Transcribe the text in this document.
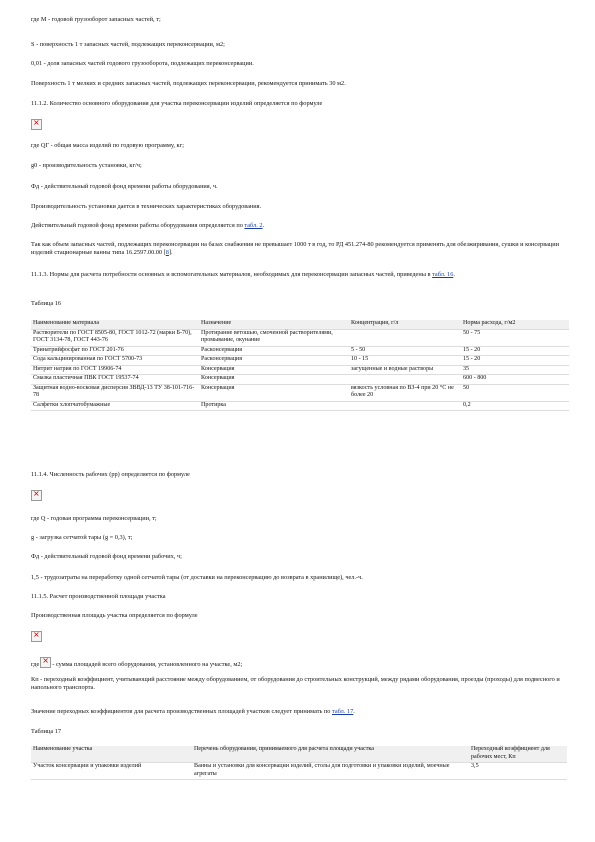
где M - годовой грузооборот запасных частей, т;
S - поверхность 1 т запасных частей, подлежащих переконсервации, м2;
0,01 - доля запасных частей годового грузооборота, подлежащих переконсервации.
Поверхность 1 т мелких и средних запасных частей, подлежащих переконсервации, рекомендуется принимать 30 м2.
11.1.2. Количество основного оборудования для участка переконсервации изделий определяется по формуле
×
где QГ - общая масса изделий по годовую программу, кг;
g0 - производительность установки, кг/ч;
Фд - действительный годовой фонд времени работы оборудования, ч.
Производительность установки дается в технических характеристиках оборудования.
Действительный годовой фонд времени работы оборудования определяется по табл. 2.
Так как объем запасных частей, подлежащих переконсервации на базах снабжения не превышает 1000 т в год, то РД 451.274-80 рекомендуется применять для обезжиривания, сушки и консервации изделий стационарные ванны типа 16.2597.00.00 [8].
11.1.3. Нормы для расчета потребности основных и вспомогательных материалов, необходимых для переконсервации запасных частей, приведены в табл. 16.
Таблица 16
Наименование материала	Назначение	Концентрация, г/л	Норма расхода, г/м2
Растворители по ГОСТ 8505-80, ГОСТ 1012-72 (марки Б-70), ГОСТ 3134-78, ГОСТ 443-76	Протирание ветошью, смоченной растворителями, промывание, окунание		50 - 75
Тринатрийфосфат по ГОСТ 201-76	Расконсервация	5 - 50	15 - 20
Сода кальцинированная по ГОСТ 5700-73	Расконсервация	10 - 15	15 - 20
Нитрит натрия по ГОСТ 19906-74	Консервация	загущенные и водные растворы	35
Смазка пластичная ПВК ГОСТ 19537-74	Консервация		600 - 800
Защитная водно-восковая дисперсия ЗВВД-13 ТУ 38-101-716-78	Консервация	вязкость условная по ВЗ-4 при 20 °С не более 20	50
Салфетки хлопчатобумажные	Протирка		0,2
11.1.4. Численность рабочих (рр) определяется по формуле
×
где Q - годовая программа переконсервации, т;
g - загрузка сетчатой тары (g = 0,3), т;
Фд - действительный годовой фонд времени рабочих, ч;
1,5 - трудозатраты на переработку одной сетчатой тары (от доставки на переконсервацию до возврата в хранилище), чел.-ч.
11.1.5. Расчет производственной площади участка
Производственная площадь участка определяется по формуле
×
где × - сумма площадей всего оборудования, установленного на участке, м2;
Кп - переходный коэффициент, учитывающий расстояние между оборудованием, от оборудования до строительных конструкций, между рядами оборудования, проезды (проходы) для подвесного и напольного транспорта.
Значение переходных коэффициентов для расчета производственных площадей участков следует принимать по табл. 17.
Таблица 17
Наименование участка	Перечень оборудования, принимаемого для расчета площади участка	Переходный коэффициент для рабочих мест, Кп
Участок консервации и упаковки изделий	Ванны и установки для консервации изделий, столы для подготовки и упаковки изделий, моечные агрегаты	3,5
